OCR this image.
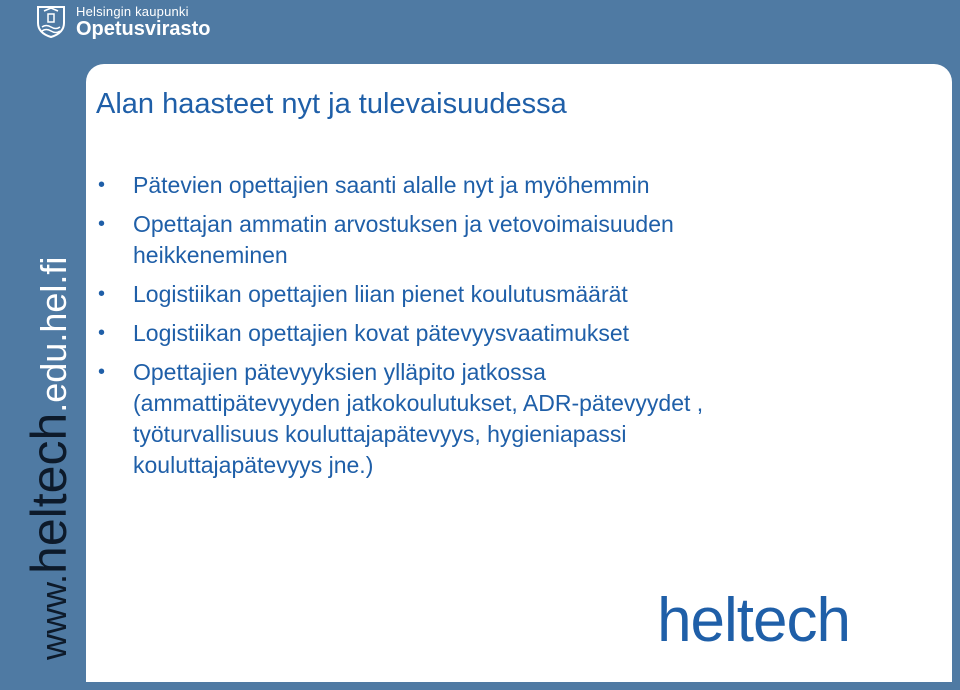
Helsingin kaupunki
Opetusvirasto
www.heltech.edu.hel.fi
Alan haasteet nyt ja tulevaisuudessa
• Pätevien opettajien saanti alalle nyt ja myöhemmin
• Opettajan ammatin arvostuksen ja vetovoimaisuuden heikkeneminen
• Logistiikan opettajien liian pienet koulutusmäärät
• Logistiikan opettajien kovat pätevyysvaatimukset
• Opettajien pätevyyksien ylläpito jatkossa (ammattipätevyyden jatkokoulutukset, ADR-pätevyydet , työturvallisuus kouluttajapätevyys, hygieniapassi kouluttajapätevyys jne.)
heltech
